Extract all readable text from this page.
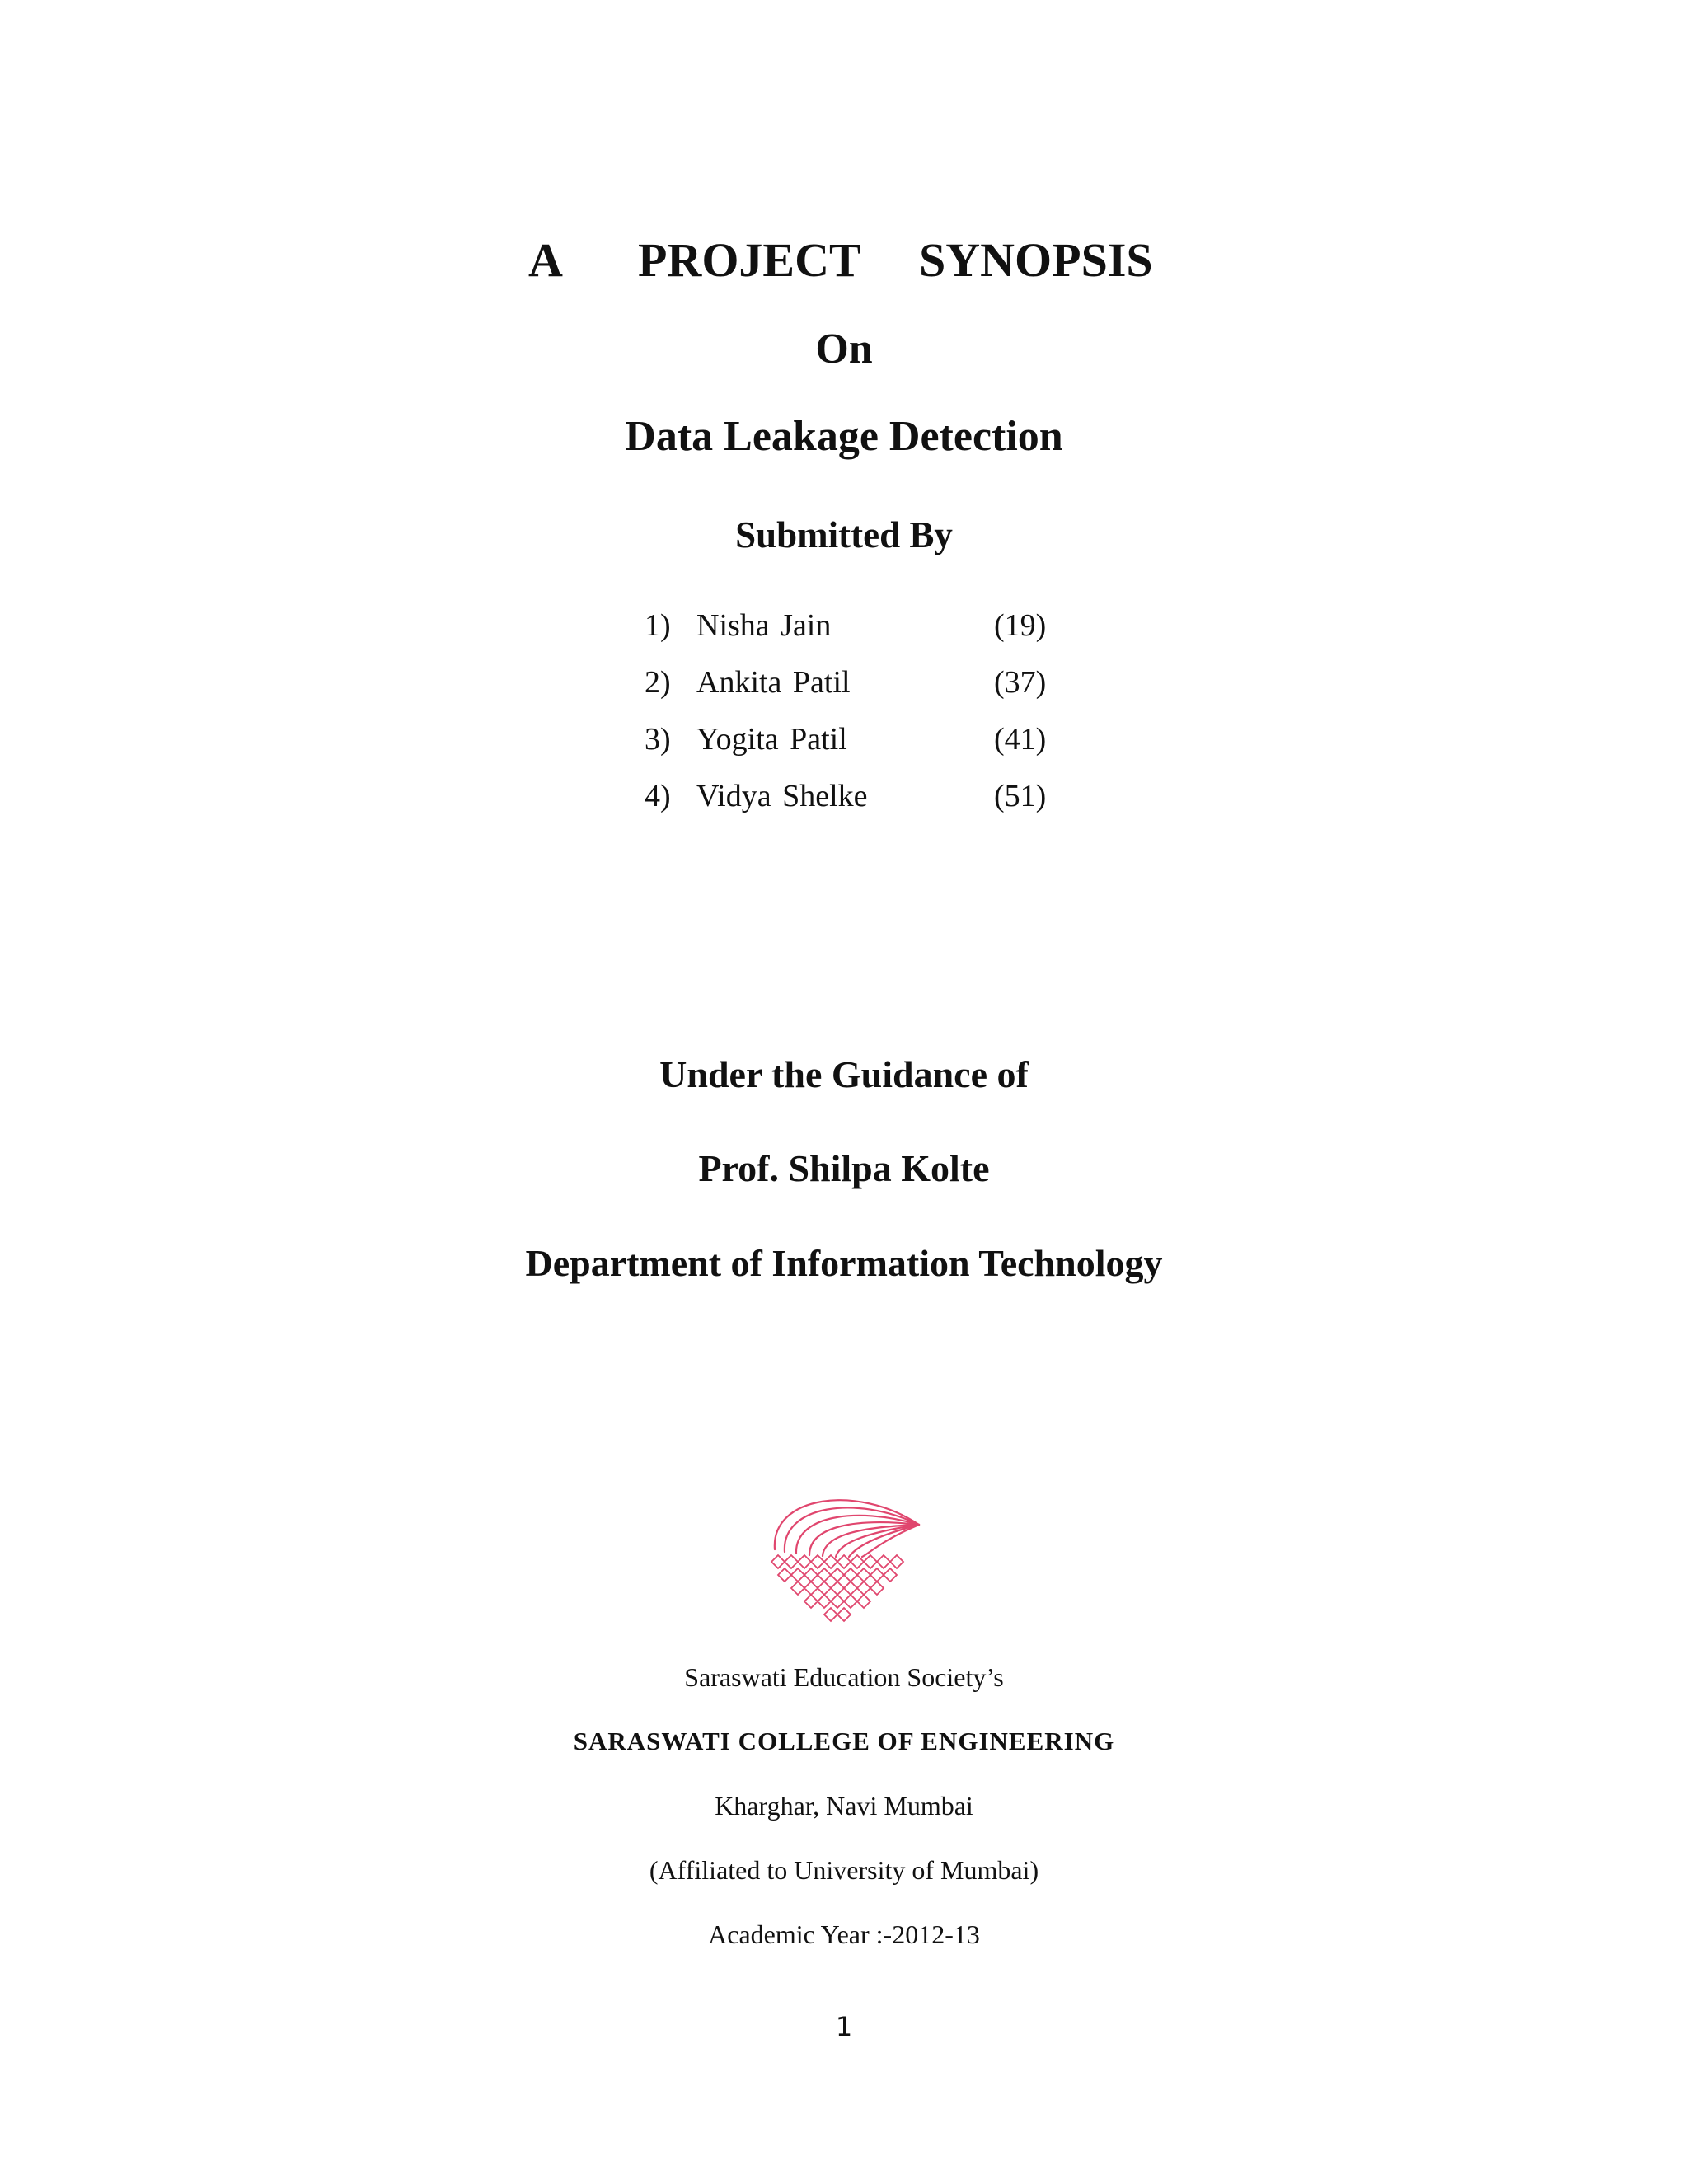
A PROJECT SYNOPSIS
On
Data Leakage Detection
Submitted By
1) Nisha Jain	(19)
2) Ankita Patil	(37)
3) Yogita Patil	(41)
4) Vidya Shelke	(51)
Under the Guidance of
Prof. Shilpa Kolte
Department of Information Technology
Saraswati Education Society’s
SARASWATI COLLEGE OF ENGINEERING
Kharghar, Navi Mumbai
(Affiliated to University of Mumbai)
Academic Year :-2012-13
1
